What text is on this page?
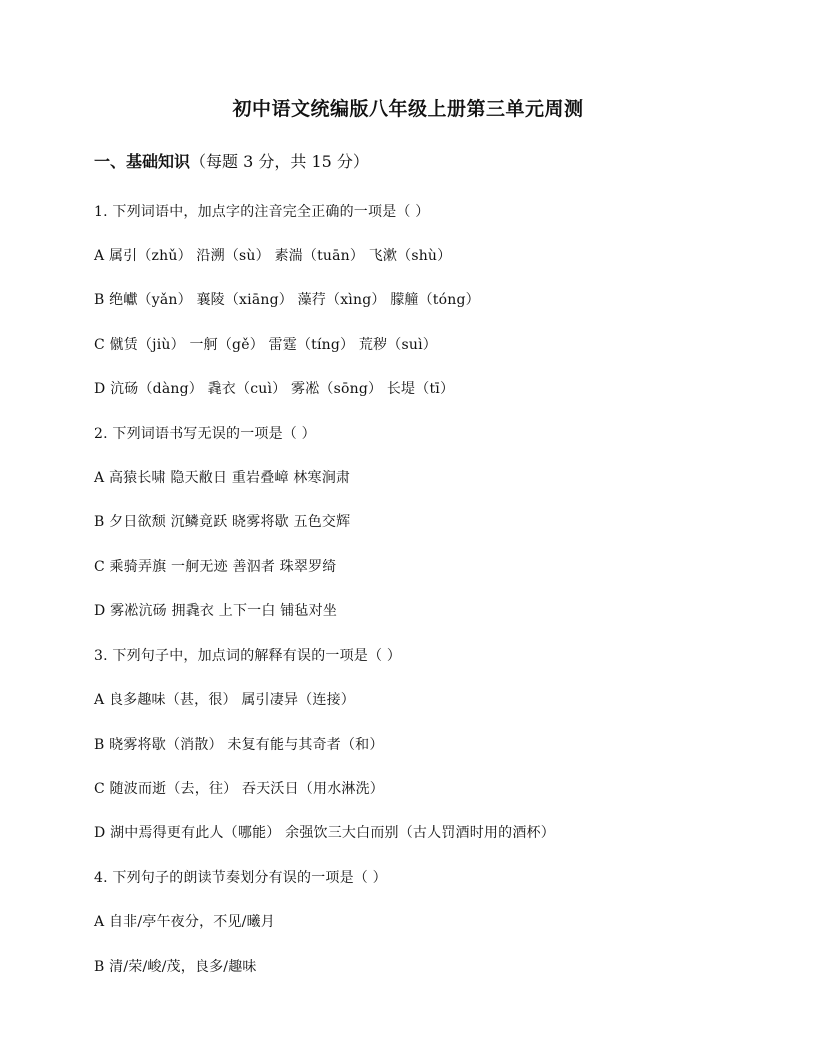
初中语文统编版八年级上册第三单元周测
一、基础知识（每题 3 分，共 15 分）
1. 下列词语中，加点字的注音完全正确的一项是（ ）
A 属引（zhǔ） 沿溯（sù） 素湍（tuān） 飞漱（shù）
B 绝巘（yǎn） 襄陵（xiāng） 藻荇（xìng） 朦艟（tóng）
C 僦赁（jiù） 一舸（gě） 雷霆（tíng） 荒秽（suì）
D 沆砀（dàng） 毳衣（cuì） 雾凇（sōng） 长堤（tī）
2. 下列词语书写无误的一项是（ ）
A 高猿长啸 隐天敝日 重岩叠嶂 林寒涧肃
B 夕日欲颓 沉鳞竟跃 晓雾将歇 五色交辉
C 乘骑弄旗 一舸无迹 善泅者 珠翠罗绮
D 雾凇沆砀 拥毳衣 上下一白 铺毡对坐
3. 下列句子中，加点词的解释有误的一项是（ ）
A 良多趣味（甚，很） 属引凄异（连接）
B 晓雾将歇（消散） 未复有能与其奇者（和）
C 随波而逝（去，往） 吞天沃日（用水淋洗）
D 湖中焉得更有此人（哪能） 余强饮三大白而别（古人罚酒时用的酒杯）
4. 下列句子的朗读节奏划分有误的一项是（ ）
A 自非/亭午夜分，不见/曦月
B 清/荣/峻/茂，良多/趣味
